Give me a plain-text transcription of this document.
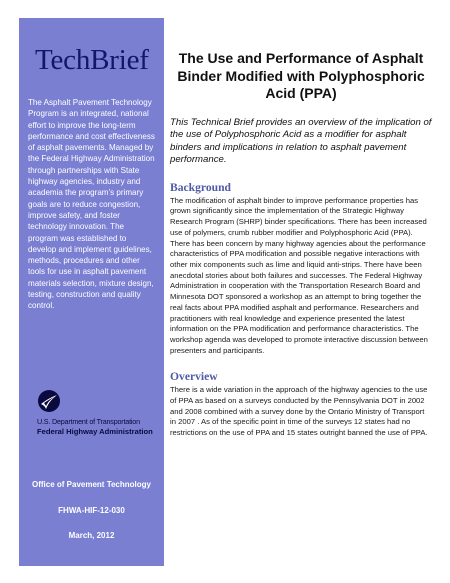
TechBrief
The Asphalt Pavement Technology Program is an integrated, national effort to improve the long-term performance and cost effectiveness of asphalt pavements. Managed by the Federal Highway Administration through partnerships with State highway agencies, industry and academia the program’s primary goals are to reduce congestion, improve safety, and foster technology innovation. The program was established to develop and implement guidelines, methods, procedures and other tools for use in asphalt pavement materials selection, mixture design, testing, construction and quality control.
U.S. Department of Transportation
Federal Highway Administration
Office of Pavement Technology
FHWA-HIF-12-030
March, 2012
The Use and Performance of Asphalt Binder Modified with Polyphosphoric Acid (PPA)
This Technical Brief provides an overview of the implication of the use of Polyphosphoric Acid as a modifier for asphalt binders and implications in relation to asphalt pavement performance.
Background

The modification of asphalt binder to improve performance properties has grown significantly since the implementation of the Strategic Highway Research Program (SHRP) binder specifications. There has been increased use of polymers, crumb rubber modifier and Polyphosphoric Acid (PPA). There has been concern by many highway agencies about the performance characteristics of PPA modification and possible negative interactions with other mix components such as lime and liquid anti-strips. There have been anecdotal stories about both failures and successes. The Federal Highway Administration in cooperation with the Transportation Research Board and Minnesota DOT sponsored a workshop as an attempt to bring together the real facts about PPA modified asphalt and performance. Researchers and practitioners with real knowledge and experience presented the latest information on the PPA modification and performance characteristics. The workshop agenda was developed to promote interactive discussion between presenters and participants.

Overview

There is a wide variation in the approach of the highway agencies to the use of PPA as based on a surveys conducted by the Pennsylvania DOT in 2002 and 2008 combined with a survey done by the Ontario Ministry of Transport in 2007 . As of the specific point in time of the surveys 12 states had no restrictions on the use of PPA and 15 states outright banned the use of PPA.
